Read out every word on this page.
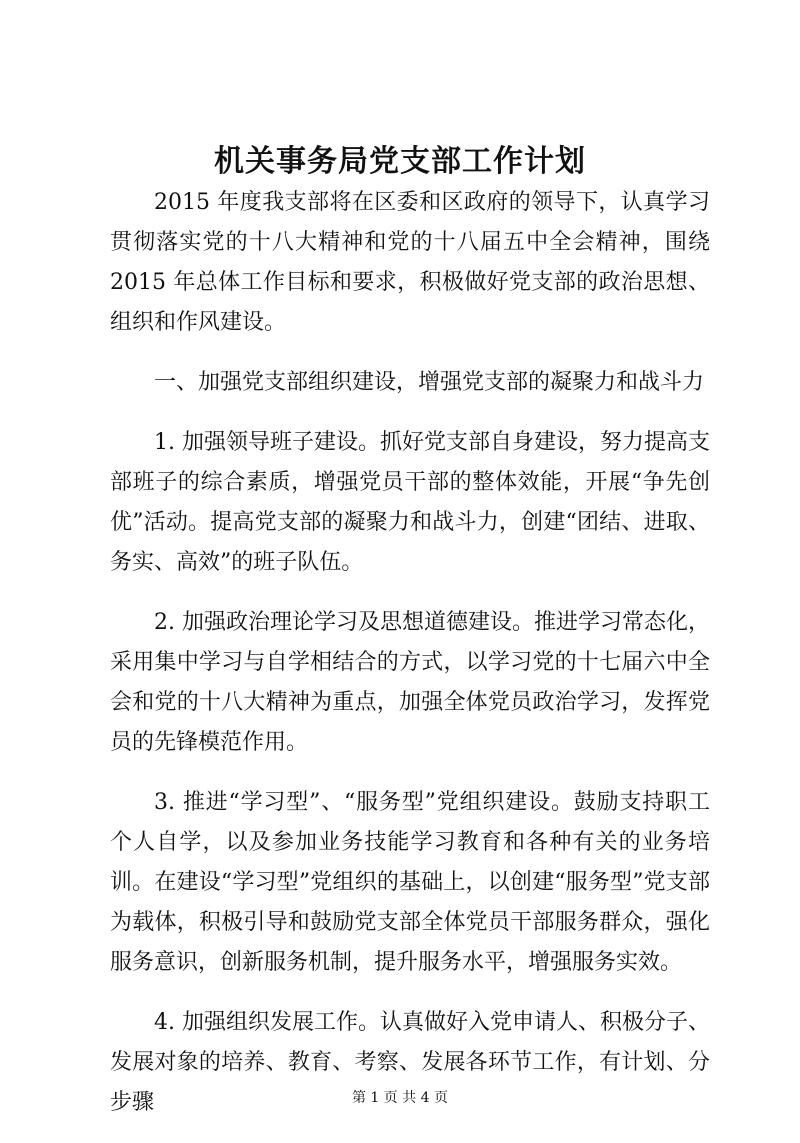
机关事务局党支部工作计划

2015 年度我支部将在区委和区政府的领导下，认真学习贯彻落实党的十八大精神和党的十八届五中全会精神，围绕 2015 年总体工作目标和要求，积极做好党支部的政治思想、组织和作风建设。

一、加强党支部组织建设，增强党支部的凝聚力和战斗力

1. 加强领导班子建设。抓好党支部自身建设，努力提高支部班子的综合素质，增强党员干部的整体效能，开展“争先创优”活动。提高党支部的凝聚力和战斗力，创建“团结、进取、务实、高效”的班子队伍。

2. 加强政治理论学习及思想道德建设。推进学习常态化，采用集中学习与自学相结合的方式，以学习党的十七届六中全会和党的十八大精神为重点，加强全体党员政治学习，发挥党员的先锋模范作用。

3. 推进“学习型”、“服务型”党组织建设。鼓励支持职工个人自学，以及参加业务技能学习教育和各种有关的业务培训。在建设“学习型”党组织的基础上，以创建“服务型”党支部为载体，积极引导和鼓励党支部全体党员干部服务群众，强化服务意识，创新服务机制，提升服务水平，增强服务实效。

4. 加强组织发展工作。认真做好入党申请人、积极分子、发展对象的培养、教育、考察、发展各环节工作，有计划、分步骤	第 1 页 共 4 页
